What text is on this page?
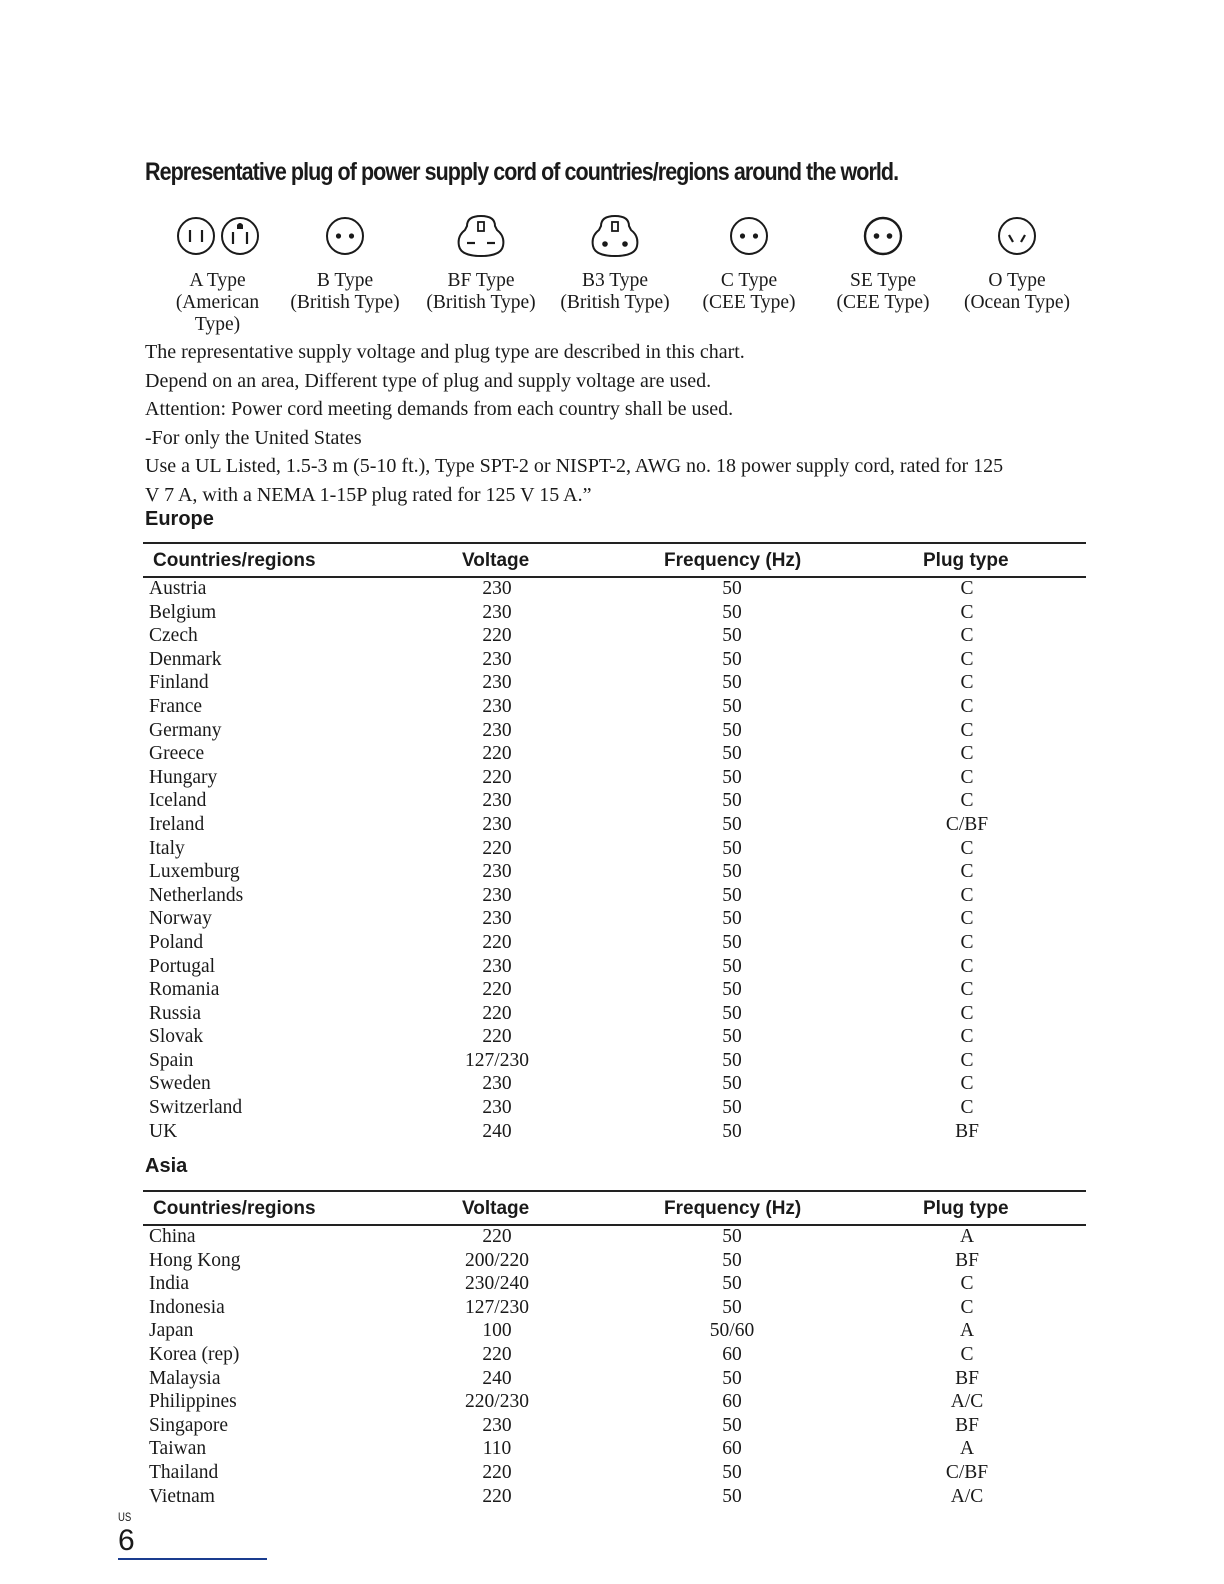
Representative plug of power supply cord of countries/regions around the world.
A Type
(American
Type)
B Type
(British Type)
BF Type
(British Type)
B3 Type
(British Type)
C Type
(CEE Type)
SE Type
(CEE Type)
O Type
(Ocean Type)

The representative supply voltage and plug type are described in this chart.

Depend on an area, Different type of plug and supply voltage are used.

Attention: Power cord meeting demands from each country shall be used.

-For only the United States

Use a UL Listed, 1.5-3 m (5-10 ft.), Type SPT-2 or NISPT-2, AWG no. 18 power supply cord, rated for 125

V 7 A, with a NEMA 1-15P plug rated for 125 V 15 A.”

Europe
Countries/regions	Voltage	Frequency (Hz)	Plug type
Austria	230	50	C
Belgium	230	50	C
Czech	220	50	C
Denmark	230	50	C
Finland	230	50	C
France	230	50	C
Germany	230	50	C
Greece	220	50	C
Hungary	220	50	C
Iceland	230	50	C
Ireland	230	50	C/BF
Italy	220	50	C
Luxemburg	230	50	C
Netherlands	230	50	C
Norway	230	50	C
Poland	220	50	C
Portugal	230	50	C
Romania	220	50	C
Russia	220	50	C
Slovak	220	50	C
Spain	127/230	50	C
Sweden	230	50	C
Switzerland	230	50	C
UK	240	50	BF
Asia
Countries/regions	Voltage	Frequency (Hz)	Plug type
China	220	50	A
Hong Kong	200/220	50	BF
India	230/240	50	C
Indonesia	127/230	50	C
Japan	100	50/60	A
Korea (rep)	220	60	C
Malaysia	240	50	BF
Philippines	220/230	60	A/C
Singapore	230	50	BF
Taiwan	110	60	A
Thailand	220	50	C/BF
Vietnam	220	50	A/C
US
6
